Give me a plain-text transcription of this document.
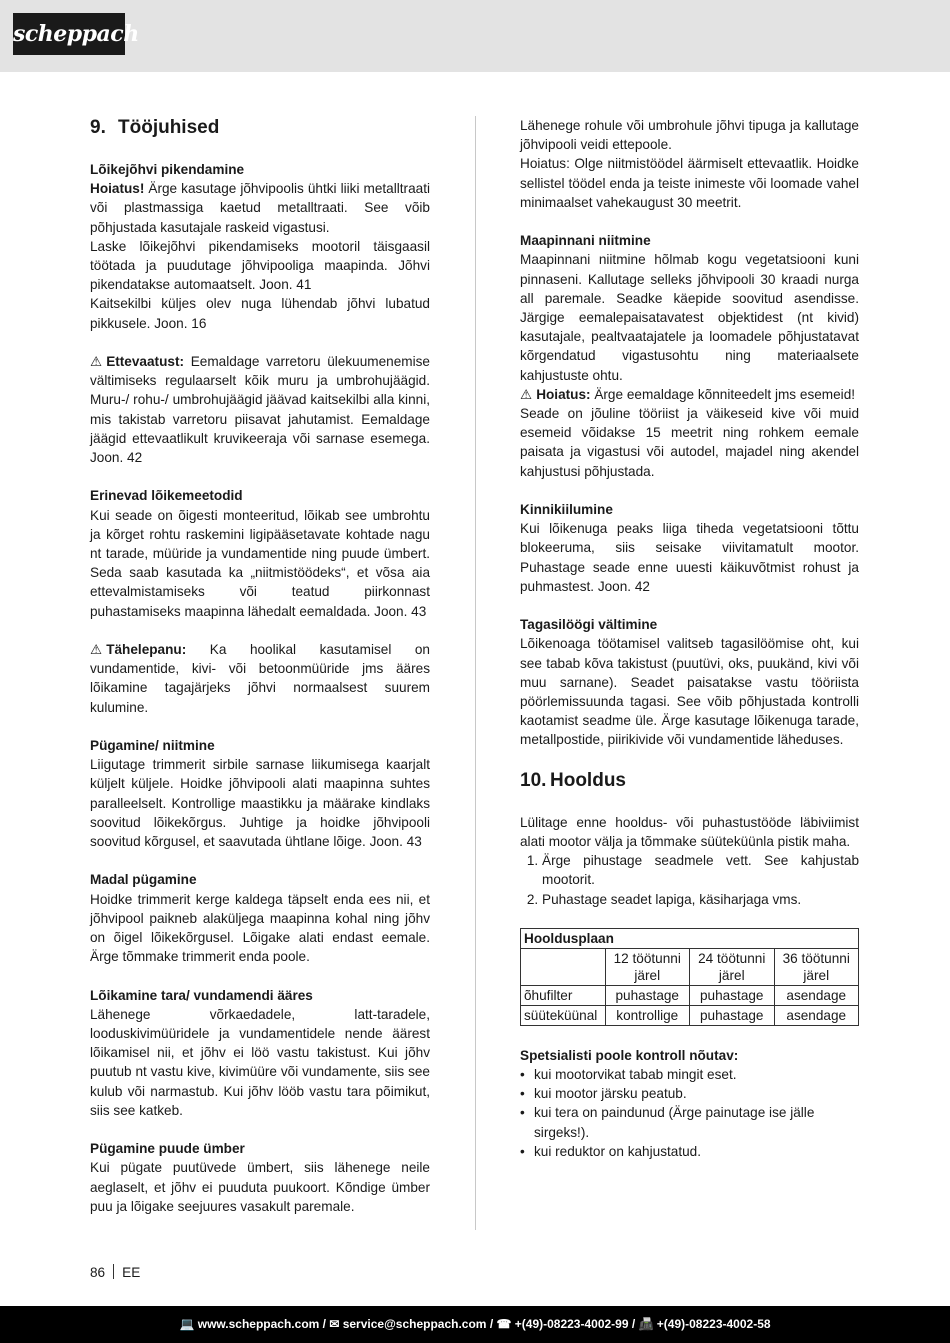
scheppach
9. Tööjuhised
Lõikejõhvi pikendamine

Hoiatus! Ärge kasutage jõhvipoolis ühtki liiki metalltraati või plastmassiga kaetud metalltraati. See võib põhjustada kasutajale raskeid vigastusi.

Laske lõikejõhvi pikendamiseks mootoril täisgaasil töötada ja puudutage jõhvipooliga maapinda. Jõhvi pikendatakse automaatselt. Joon. 41

Kaitsekilbi küljes olev nuga lühendab jõhvi lubatud pikkusele. Joon. 16

⚠ Ettevaatust: Eemaldage varretoru ülekuumenemise vältimiseks regulaarselt kõik muru ja umbrohujäägid. Muru-/ rohu-/ umbrohujäägid jäävad kaitsekilbi alla kinni, mis takistab varretoru piisavat jahutamist. Eemaldage jäägid ettevaatlikult kruvikeeraja või sarnase esemega. Joon. 42

Erinevad lõikemeetodid

Kui seade on õigesti monteeritud, lõikab see umbrohtu ja kõrget rohtu raskemini ligipääsetavate kohtade nagu nt tarade, müüride ja vundamentide ning puude ümbert. Seda saab kasutada ka „niitmistöödeks“, et võsa aia ettevalmistamiseks või teatud piirkonnast puhastamiseks maapinna lähedalt eemaldada. Joon. 43

⚠ Tähelepanu: Ka hoolikal kasutamisel on vundamentide, kivi- või betoonmüüride jms ääres lõikamine tagajärjeks jõhvi normaalsest suurem kulumine.

Pügamine/ niitmine

Liigutage trimmerit sirbile sarnase liikumisega kaarjalt küljelt küljele. Hoidke jõhvipooli alati maapinna suhtes paralleelselt. Kontrollige maastikku ja määrake kindlaks soovitud lõikekõrgus. Juhtige ja hoidke jõhvipooli soovitud kõrgusel, et saavutada ühtlane lõige. Joon. 43

Madal pügamine

Hoidke trimmerit kerge kaldega täpselt enda ees nii, et jõhvipool paikneb alaküljega maapinna kohal ning jõhv on õigel lõikekõrgusel. Lõigake alati endast eemale. Ärge tõmmake trimmerit enda poole.

Lõikamine tara/ vundamendi ääres

Lähenege võrkaedadele, latt-taradele, looduskivimüüridele ja vundamentidele nende äärest lõikamisel nii, et jõhv ei löö vastu takistust. Kui jõhv puutub nt vastu kive, kivimüüre või vundamente, siis see kulub või narmastub. Kui jõhv lööb vastu tara põimikut, siis see katkeb.

Pügamine puude ümber

Kui pügate puutüvede ümbert, siis lähenege neile aeglaselt, et jõhv ei puuduta puukoort. Kõndige ümber puu ja lõigake seejuures vasakult paremale.

Lähenege rohule või umbrohule jõhvi tipuga ja kallutage jõhvipooli veidi ettepoole.

Hoiatus: Olge niitmistöödel äärmiselt ettevaatlik. Hoidke sellistel töödel enda ja teiste inimeste või loomade vahel minimaalset vahekaugust 30 meetrit.

Maapinnani niitmine

Maapinnani niitmine hõlmab kogu vegetatsiooni kuni pinnaseni. Kallutage selleks jõhvipooli 30 kraadi nurga all paremale. Seadke käepide soovitud asendisse. Järgige eemalepaisatavatest objektidest (nt kivid) kasutajale, pealtvaatajatele ja loomadele põhjustatavat kõrgendatud vigastusohtu ning materiaalsete kahjustuste ohtu.

⚠ Hoiatus: Ärge eemaldage kõnniteedelt jms esemeid!

Seade on jõuline tööriist ja väikeseid kive või muid esemeid võidakse 15 meetrit ning rohkem eemale paisata ja vigastusi või autodel, majadel ning akendel kahjustusi põhjustada.

Kinnikiilumine

Kui lõikenuga peaks liiga tiheda vegetatsiooni tõttu blokeeruma, siis seisake viivitamatult mootor. Puhastage seade enne uuesti käikuvõtmist rohust ja puhmastest. Joon. 42

Tagasilöögi vältimine

Lõikenoaga töötamisel valitseb tagasilöömise oht, kui see tabab kõva takistust (puutüvi, oks, puukänd, kivi või muu sarnane). Seadet paisatakse vastu tööriista pöörlemissuunda tagasi. See võib põhjustada kontrolli kaotamist seadme üle. Ärge kasutage lõikenuga tarade, metallpostide, piirikivide või vundamentide läheduses.

10. Hooldus

Lülitage enne hooldus- või puhastustööde läbiviimist alati mootor välja ja tõmmake süüteküünla pistik maha.

1. Ärge pihustage seadmele vett. See kahjustab mootorit.
2. Puhastage seadet lapiga, käsiharjaga vms.
Hooldusplaan			
	12 töötunni järel	24 töötunni järel	36 töötunni järel
õhufilter	puhastage	puhastage	asendage
süüteküünal	kontrollige	puhastage	asendage
Spetsialisti poole kontroll nõutav:
• kui mootorvikat tabab mingit eset.
• kui mootor järsku peatub.
• kui tera on paindunud (Ärge painutage ise jälle sirgeks!).
• kui reduktor on kahjustatud.
86 EE
💻 www.scheppach.com / ✉ service@scheppach.com / ☎ +(49)-08223-4002-99 / 📠 +(49)-08223-4002-58
